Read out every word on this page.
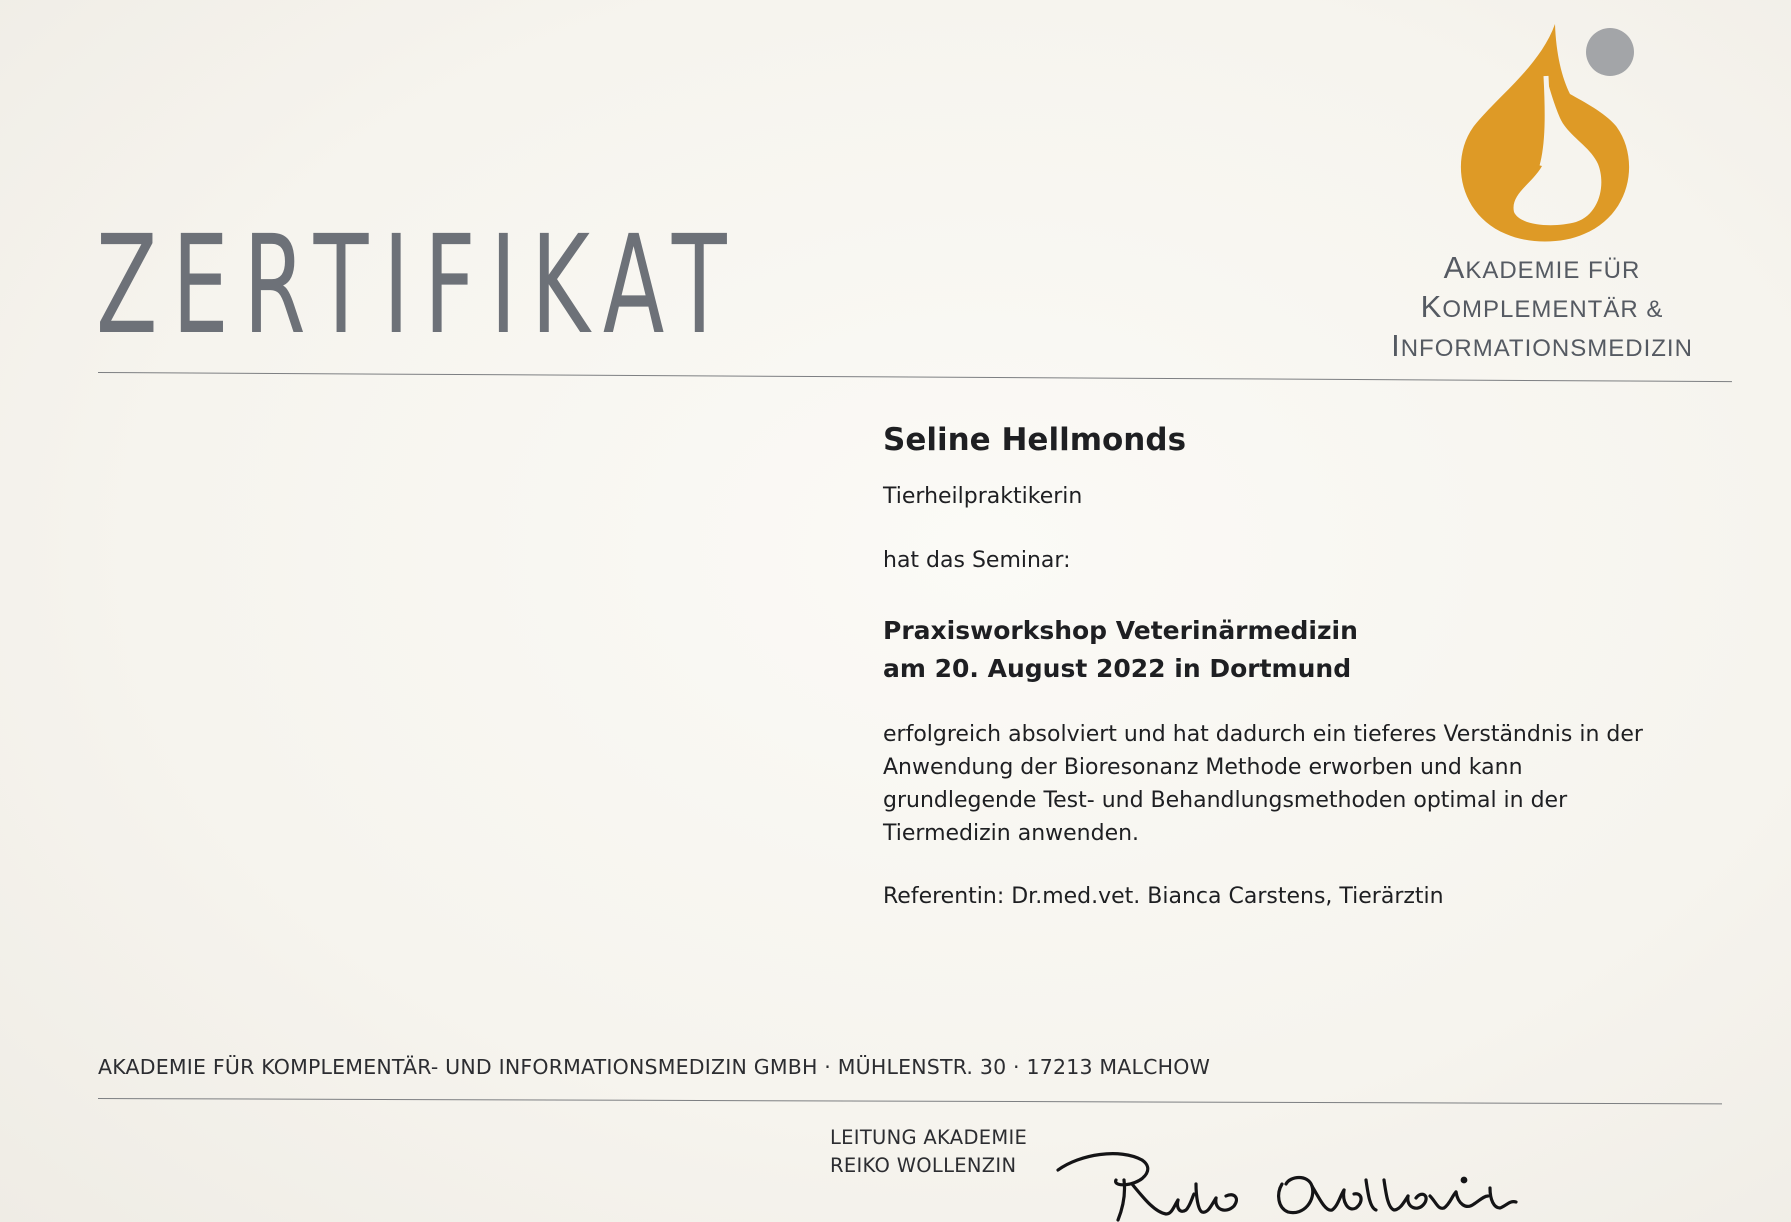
ZERTIFIKAT	AKADEMIE FÜR
KOMPLEMENTÄR &
INFORMATIONSMEDIZIN

Seline Hellmonds

Tierheilpraktikerin

hat das Seminar:

Praxisworkshop Veterinärmedizin
am 20. August 2022 in Dortmund

erfolgreich absolviert und hat dadurch ein tieferes Verständnis in der Anwendung der Bioresonanz Methode erworben und kann grundlegende Test- und Behandlungsmethoden optimal in der Tiermedizin anwenden.

Referentin: Dr.med.vet. Bianca Carstens, Tierärztin

AKADEMIE FÜR KOMPLEMENTÄR- UND INFORMATIONSMEDIZIN GMBH · MÜHLENSTR. 30 · 17213 MALCHOW
LEITUNG AKADEMIE
REIKO WOLLENZIN
